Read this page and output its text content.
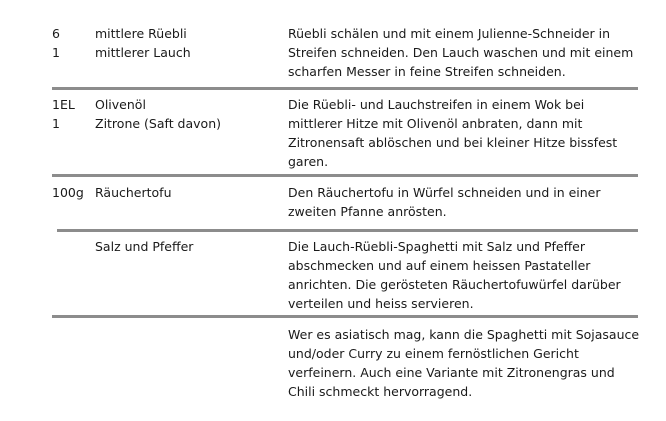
6
1
mittlere Rüebli
mittlerer Lauch
Rüebli schälen und mit einem Julienne-Schneider in
Streifen schneiden. Den Lauch waschen und mit einem
scharfen Messer in feine Streifen schneiden.
1EL
1
Olivenöl
Zitrone (Saft davon)
Die Rüebli- und Lauchstreifen in einem Wok bei
mittlerer Hitze mit Olivenöl anbraten, dann mit
Zitronensaft ablöschen und bei kleiner Hitze bissfest
garen.
100g Räuchertofu	Den Räuchertofu in Würfel schneiden und in einer
zweiten Pfanne anrösten.
Salz und Pfeffer	Die Lauch-Rüebli-Spaghetti mit Salz und Pfeffer
abschmecken und auf einem heissen Pastateller
anrichten. Die gerösteten Räuchertofuwürfel darüber
verteilen und heiss servieren.
Wer es asiatisch mag, kann die Spaghetti mit Sojasauce
und/oder Curry zu einem fernöstlichen Gericht
verfeinern. Auch eine Variante mit Zitronengras und
Chili schmeckt hervorragend.
